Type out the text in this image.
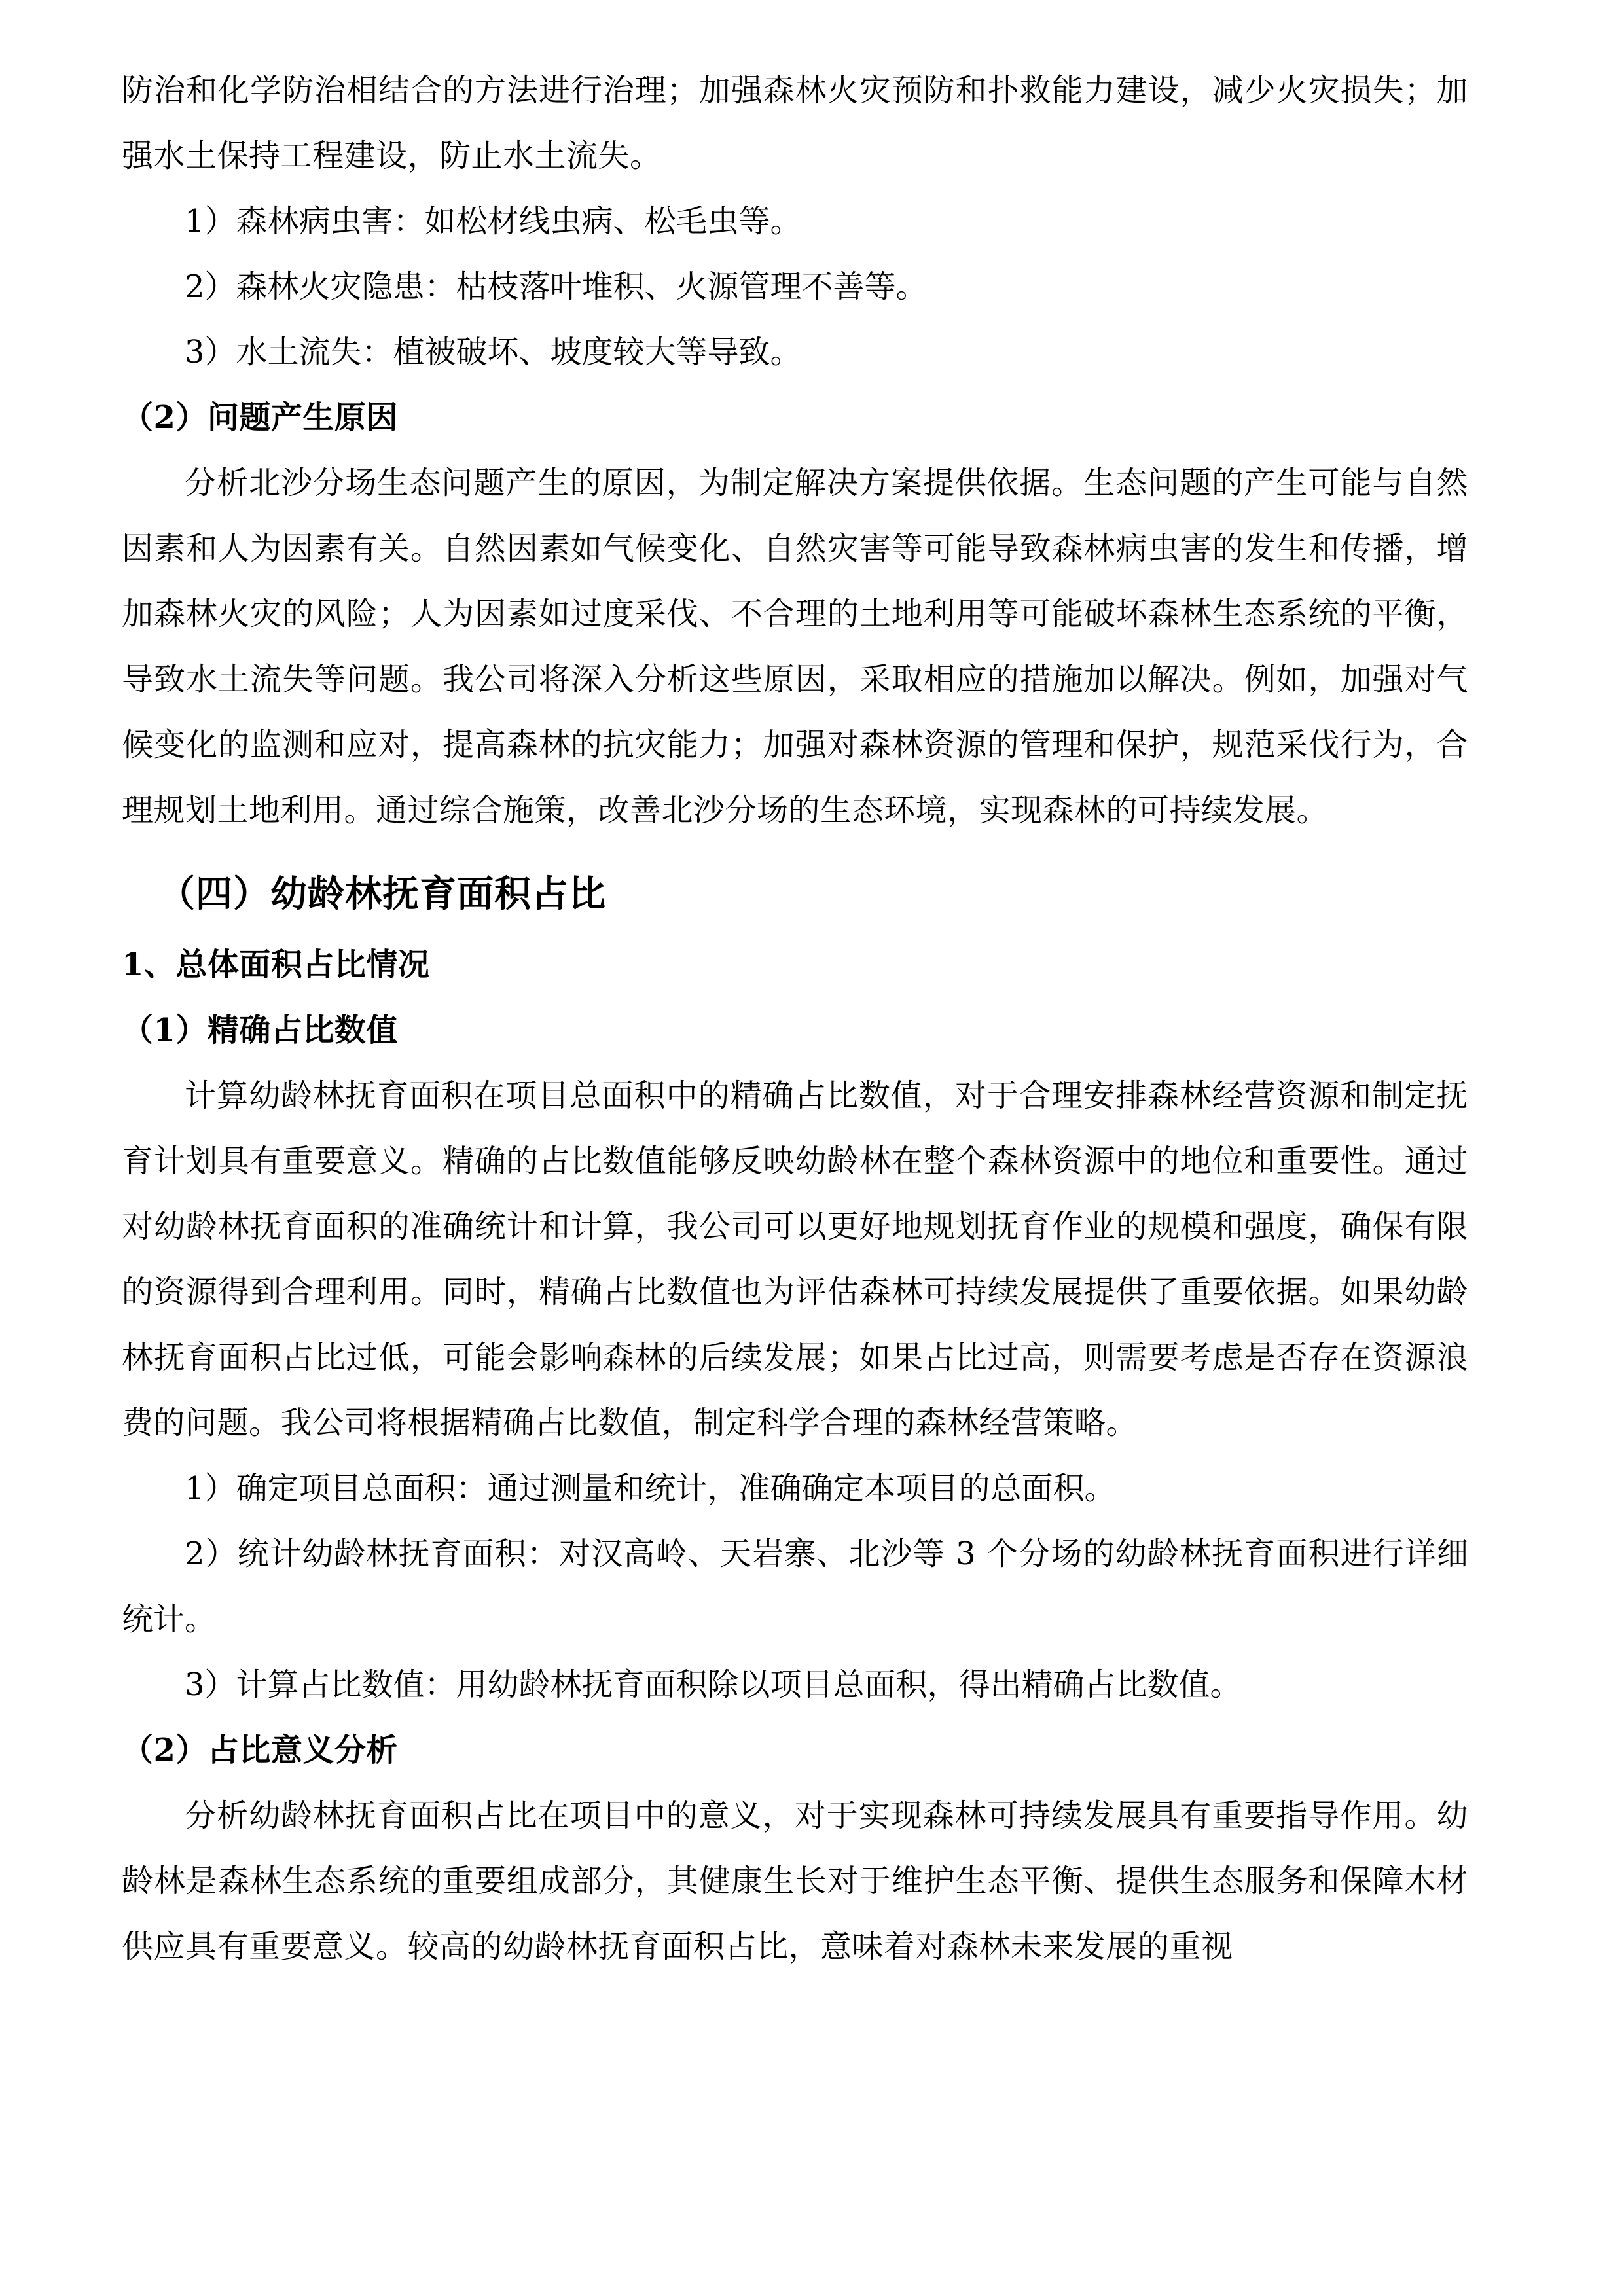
防治和化学防治相结合的方法进行治理；加强森林火灾预防和扑救能力建设，减少火灾损失；加强水土保持工程建设，防止水土流失。

1）森林病虫害：如松材线虫病、松毛虫等。

2）森林火灾隐患：枯枝落叶堆积、火源管理不善等。

3）水土流失：植被破坏、坡度较大等导致。

（2）问题产生原因

分析北沙分场生态问题产生的原因，为制定解决方案提供依据。生态问题的产生可能与自然因素和人为因素有关。自然因素如气候变化、自然灾害等可能导致森林病虫害的发生和传播，增加森林火灾的风险；人为因素如过度采伐、不合理的土地利用等可能破坏森林生态系统的平衡，导致水土流失等问题。我公司将深入分析这些原因，采取相应的措施加以解决。例如，加强对气候变化的监测和应对，提高森林的抗灾能力；加强对森林资源的管理和保护，规范采伐行为，合理规划土地利用。通过综合施策，改善北沙分场的生态环境，实现森林的可持续发展。

（四）幼龄林抚育面积占比
1、总体面积占比情况
（1）精确占比数值

计算幼龄林抚育面积在项目总面积中的精确占比数值，对于合理安排森林经营资源和制定抚育计划具有重要意义。精确的占比数值能够反映幼龄林在整个森林资源中的地位和重要性。通过对幼龄林抚育面积的准确统计和计算，我公司可以更好地规划抚育作业的规模和强度，确保有限的资源得到合理利用。同时，精确占比数值也为评估森林可持续发展提供了重要依据。如果幼龄林抚育面积占比过低，可能会影响森林的后续发展；如果占比过高，则需要考虑是否存在资源浪费的问题。我公司将根据精确占比数值，制定科学合理的森林经营策略。

1）确定项目总面积：通过测量和统计，准确确定本项目的总面积。

2）统计幼龄林抚育面积：对汉高岭、天岩寨、北沙等 3 个分场的幼龄林抚育面积进行详细统计。

3）计算占比数值：用幼龄林抚育面积除以项目总面积，得出精确占比数值。

（2）占比意义分析

分析幼龄林抚育面积占比在项目中的意义，对于实现森林可持续发展具有重要指导作用。幼龄林是森林生态系统的重要组成部分，其健康生长对于维护生态平衡、提供生态服务和保障木材供应具有重要意义。较高的幼龄林抚育面积占比，意味着对森林未来发展的重视
